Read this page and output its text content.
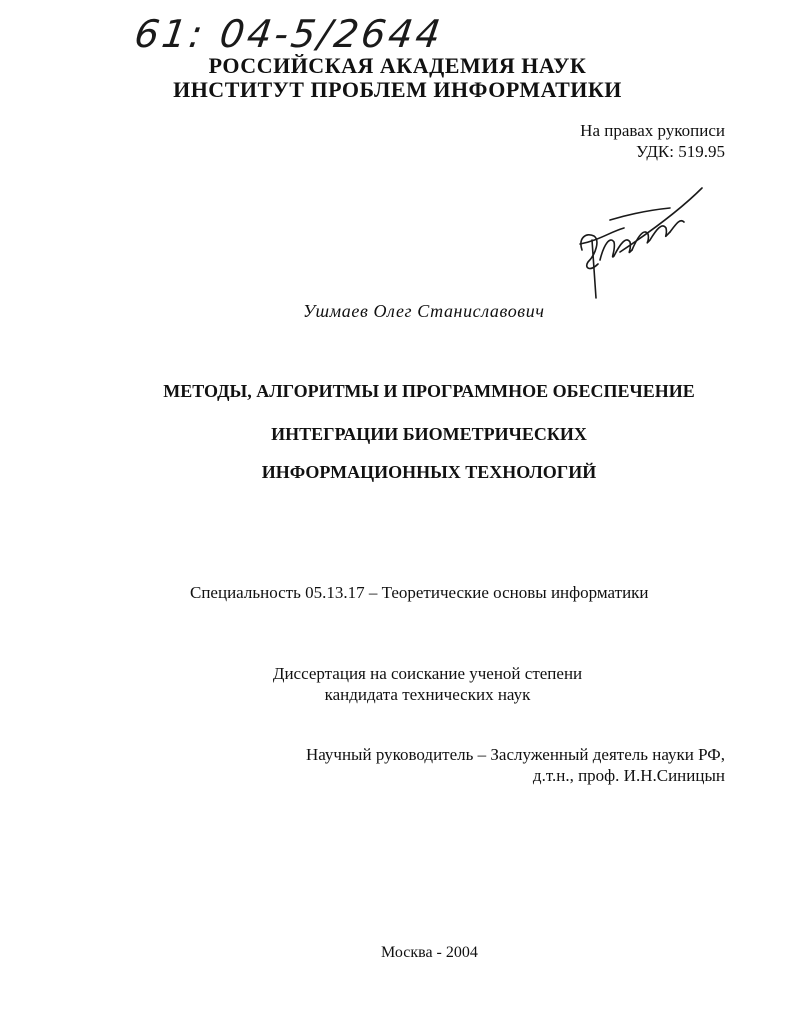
61: 04-5/2644
РОССИЙСКАЯ АКАДЕМИЯ НАУК
ИНСТИТУТ ПРОБЛЕМ ИНФОРМАТИКИ
На правах рукописи
УДК: 519.95
Ушмаев Олег Станиславович
МЕТОДЫ, АЛГОРИТМЫ И ПРОГРАММНОЕ ОБЕСПЕЧЕНИЕ
ИНТЕГРАЦИИ БИОМЕТРИЧЕСКИХ
ИНФОРМАЦИОННЫХ ТЕХНОЛОГИЙ
Специальность 05.13.17 – Теоретические основы информатики
Диссертация на соискание ученой степени
кандидата технических наук
Научный руководитель – Заслуженный деятель науки РФ,
д.т.н., проф. И.Н.Синицын
Москва - 2004
